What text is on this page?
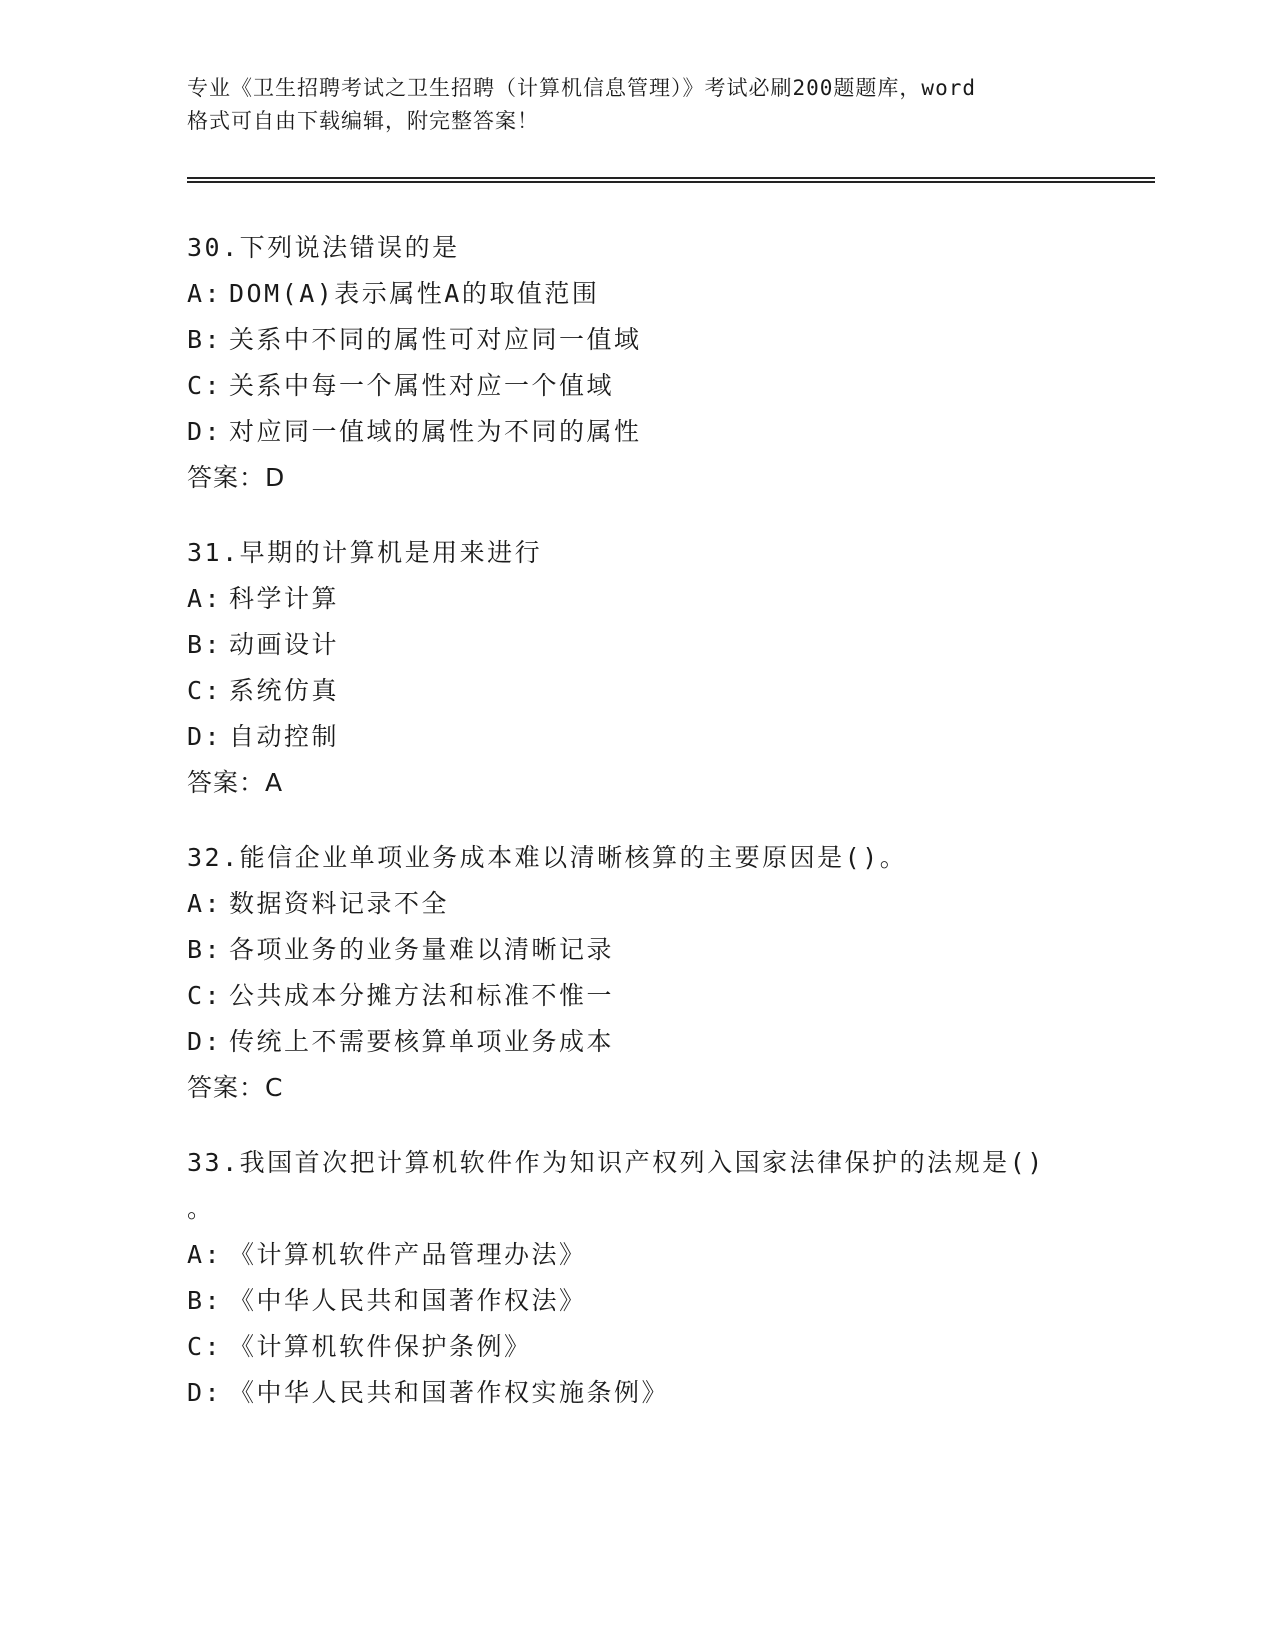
专业《卫生招聘考试之卫生招聘（计算机信息管理）》考试必刷200题题库，word
格式可自由下载编辑，附完整答案！
30.下列说法错误的是
A: DOM(A)表示属性A的取值范围
B: 关系中不同的属性可对应同一值域
C: 关系中每一个属性对应一个值域
D: 对应同一值域的属性为不同的属性
答案：D
31.早期的计算机是用来进行
A: 科学计算
B: 动画设计
C: 系统仿真
D: 自动控制
答案：A
32.能信企业单项业务成本难以清晰核算的主要原因是()。
A: 数据资料记录不全
B: 各项业务的业务量难以清晰记录
C: 公共成本分摊方法和标准不惟一
D: 传统上不需要核算单项业务成本
答案：C
33.我国首次把计算机软件作为知识产权列入国家法律保护的法规是()
。
A: 《计算机软件产品管理办法》
B: 《中华人民共和国著作权法》
C: 《计算机软件保护条例》
D: 《中华人民共和国著作权实施条例》
